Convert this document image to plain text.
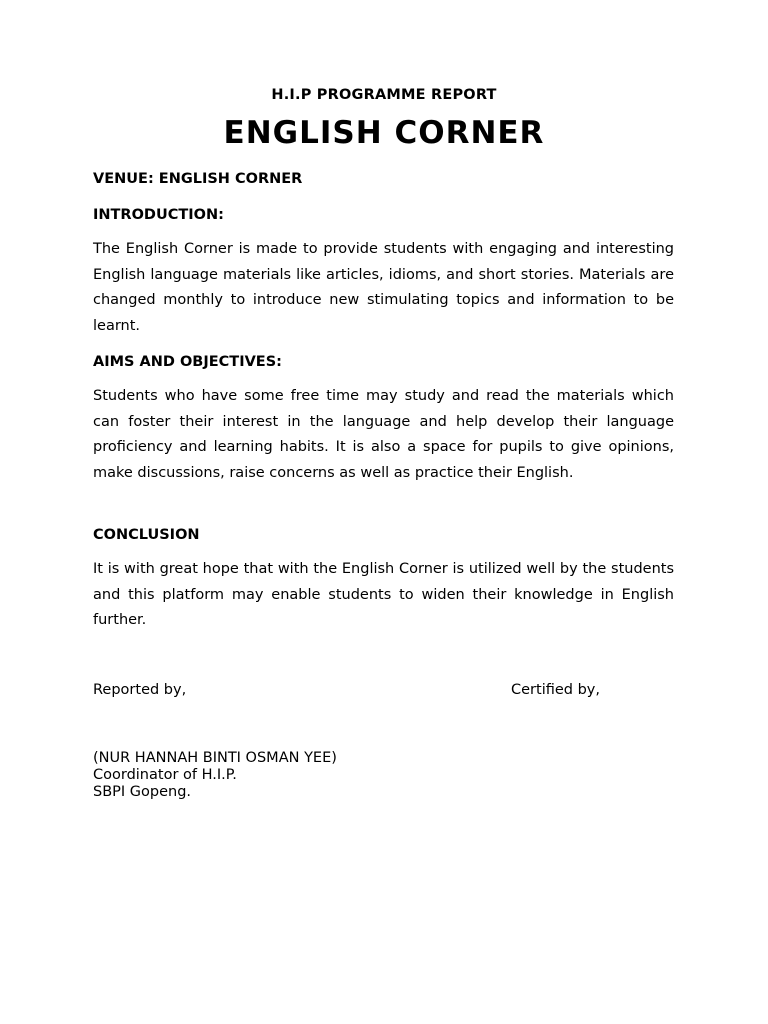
H.I.P PROGRAMME REPORT
ENGLISH CORNER
VENUE: ENGLISH CORNER
INTRODUCTION:

The English Corner is made to provide students with engaging and interesting English language materials like articles, idioms, and short stories. Materials are changed monthly to introduce new stimulating topics and information to be learnt.

AIMS AND OBJECTIVES:

Students who have some free time may study and read the materials which can foster their interest in the language and help develop their language proficiency and learning habits. It is also a space for pupils to give opinions, make discussions, raise concerns as well as practice their English.

CONCLUSION

It is with great hope that with the English Corner is utilized well by the students and this platform may enable students to widen their knowledge in English further.

Reported by,	Certified by,
(NUR HANNAH BINTI OSMAN YEE)
Coordinator of H.I.P.
SBPI Gopeng.
